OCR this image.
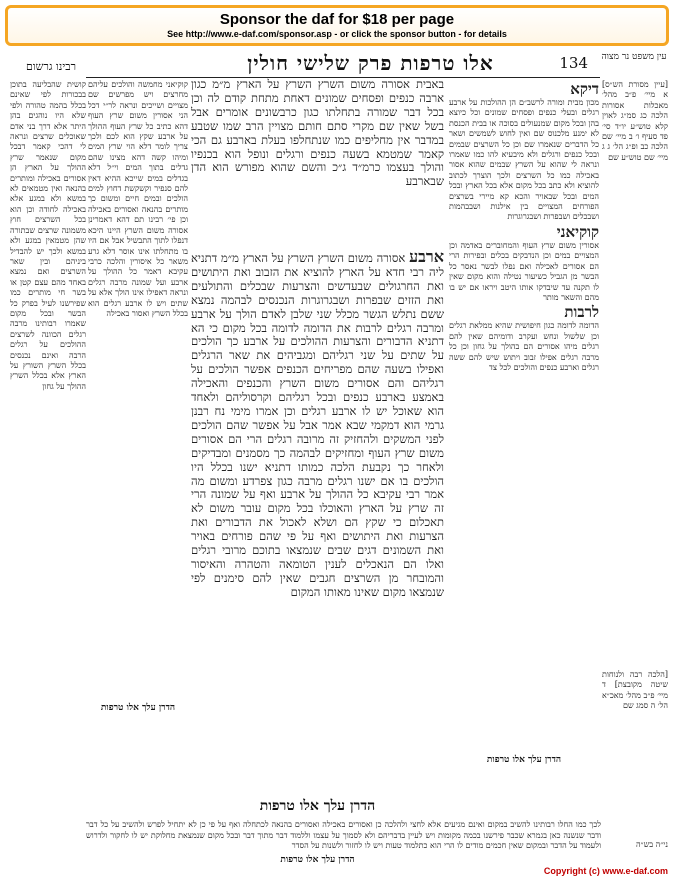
Sponsor the daf for $18 per page
See http://www.e-daf.com/sponsor.asp - or click the sponsor button - for details
עין משפט נר מצוה
134
אלו טרפות פרק שלישי חולין
רבינו גרשום
[עיין מסורת הש״ס] א מיי׳ פ״ב מהל׳ מאכלות אסורות הלכה כג סמ״ג לאוין קלא טוש״ע יו״ד סי׳ פד סעיף ו׳ ב מיי׳ שם הלכה כב ופ״ג הל׳ ג ג מיי׳ שם טוש״ע שם
[הלכה רבה ולנוחות שיטה מקובצת] ד מיי׳ פ״ב מהל׳ מאכ״א הל׳ ה סמג שם
ני״ה בש״ה
דיקא
מכון מבית ומורה לרשב״ם הן ההולכות על ארבע רגלים ובעלי כנפים ופסחים שמונים וכל כיוצא בהן ובכל מקום שמנעולים בסוכה או בבית הכנסת לא ימנע מלכנוס שם ואין לחוש לשמשים ושאר כל הדברים שנאמרו שם וכן כל השרצים שבמים ובכל כנפים ורגלים ולא מיבעיא להו כמו שאמרו ונראה לי שהוא על השרץ שבמים שהוא אסור באכילה כמו כל השרצים ולכך הוצרך לכתוב להוציא ולא כתב בכל מקום אלא בכל הארץ ובכל המים ובכל שבאויר והכא קא מיירי בשרצים הפורחים המצויים בין אילנות ושבבהמות ושבכלים ושבפרות ושבגרוגרות
קוקיאני
אסורין משום שרץ העוף והמחוברים באדמה וכן המצויים במים וכן הנדבקים בכלים ובפירות הרי הם אסורים לאכילה ואם נפלו לבשר נאסר כל הבשר מן הגביל כשיעור נטילה והוא מקום שאין לו תקנה עד שיבדקו אותו היטב ויראו אם יש בו מהם והשאר מותר
לרבות
הדומה לדומה כגון חיפושית שהיא ממלאת רגלים וכן שלשול ונחש ועקרב ודומיהם שאין להם רגלים מיהו אסורים הם בהולך על גחון וכן כל מרבה רגלים אפילו זבוב ויתוש שיש להם ששה רגלים וארבע כנפים והולכים לכל צד
הדרן עלך אלו טרפות
באבית אסורה משום השרץ השרץ על הארץ מ״מ כגון ארבה כנפים ופסחים שמונים דאחת מתחת קודם לה וכן בכל דבר שמורה בתחלתו כגון כרבשונים אומרים אבל בשל שאין שם מקרי סתם חותם מצויין הרב שמו שטבע במדבר אין מחליפים כמו שנתחלפו בעלת בארבע גם הכי קאמר שמטמא בשעה כנפים ורגלים ונופל הוא בכנפיו והולך בעצמו כרמ״ד ג״כ והשם שהוא מפורש הוא הדן שבארבע
ארבע אסורה משום השרץ השרץ על הארץ מ״מ דתניא ליה רבי חדא על הארץ להוציא את הזבוב ואת היתושים ואת החרגולים שבעדשים והצרעות שבכלים והתולעים ואת הזזים שבפרות ושבגרוגרות הנכנסים לבהמה נמצא ששם נתלש הגשר מכלל שני שלבן לאדם הולך על ארבע ומרבה רגלים לרבות את הדומה לדומה בכל מקום כי הא דתניא הדבורים והצרעות ההולכים על ארבע כך הולכים על שתים על שני רגליהם ומגביהים את שאר הרגלים ואפילו בשעה שהם מפריחים הכנפים אפשר הולכים על רגליהם והם אסורים משום השרץ והכנפים והאכילה באמצע בארבע כנפים ובכל רגליהם וקרסוליהם ולאחד הוא שאוכל יש לו ארבע רגלים וכן אמרו מימי נח רבנן גרמי הוא דמקמי שבא אמר אבל על אפשר שהם הולכים לפני המשקים ולהחזיק זה מרובה רגלים הרי הם אסורים משום שרץ העוף ומחזיקים לבהמה כך מסמנים ומבדיקים ולאחר כך נקבעת הלכה כמותו דתניא ישנו בכלל היו הולכים בו אם ישנו רגלים מרבה כגון צפרדע ומשום מה אמר רבי עקיבא כל ההולך על ארבע ואף על שמונה הרי זה שרץ על הארץ והאוכלו בכל מקום עובר משום לא תאכלום כי שקץ הם ושלא לאכול את הדבורים ואת הצרעות ואת היתושים ואף על פי שהם פורחים באויר ואת השמונים דגים שבים שנמצאו בתוכם מרובי רגלים ואלו הם הנאכלים לענין הטומאה והטהרה והאיסור והמובחר מן השרצים חגבים שאין להם סימנים לפי שנמצאו מקום שאינו מאותו המקום
הדרן עלך אלו טרפות
קוקיאני מחמשה והולכים עליהם מחרצים ויש מפרשים שם מצויים ושייכים ונראה לר״י דכל הני אסורין משום שרץ העוף דהא כתיב כל שרץ העוף ההולך על ארבע שקץ הוא לכם ולכך צריך לומר דלא הוי שרץ המים ומיהו קשה דהא מצינו שהם גדלים בתוך המים וי״ל דלא בגדלים במים שייכא ההיא דאין להם סנפיר וקשקשת דחוץ למים הולכים ובמים חיים ומשום כך מותרים בהנאה ואסורים באכילה וכן פי׳ רבינו תם דהא דאמרינן אסורה משום השרץ היינו היכא דנפלו לתוך התבשיל אבל אם היו בו מתחלתו אינו אוסר דלא גרע משאר כל איסורין והלכה כרבי עקיבא דאמר כל ההולך על ארבע ועל שמונה מרבה רגלים ונראה דאפילו אינו הולך אלא על שתים ויש לו ארבע רגלים הוא בכלל השרץ ואסור באכילה
הדרן עלך אלו טרפות
קושית שהבליעה בתוכן בבכורות לפי שאינם בכלל בהמה טהורה ולפי שלא היו נוהגים בהן היתר אלא דרך בני אדם שאוכלים שרצים ונראה לי דהכי קאמר דבכל מקום שנאמר שרץ ההולך על הארץ הן אסורים באכילה ומותרים בהנאה ואין מטמאים לא במשא ולא במגע אלא באכילה לחודה וכן הוא בכל השרצים חוץ משמונה שרצים שבתורה שהן מטמאין במגע ולא במשא ולכך יש להבדיל ביניהם ובין שאר השרצים ואם נמצא באחד מהם עצם קטן או בשר חי מותרים כמו שפירשנו לעיל בפרק כל הבשר ובכל מקום שאמרו רבותינו מרבה רגלים הכוונה לשרצים ההולכים על רגלים הרבה ואינם נכנסים בכלל השרץ השורץ על הארץ אלא בכלל השרץ ההולך על גחון
לכך כמו החלו רבותינו להשיב במקום ואינם מגיעים אלא לחצי ולהלכה כן ואסורים באכילה ואסורים בהנאה לכתחלה ואף על פי כן לא יתחיל לפרש ולהשיב על כל דבר ודבר שנשנה כאן בגמרא שכבר פירשנו בכמה מקומות ויש לעיין בדבריהם ולא לסמוך על עצמו וללמוד דבר מתוך דבר ובכל מקום שנמצאת מחלוקת יש לו לחקור ולדרוש ולעמוד על הדבר ובמקום שאין חכמים מודים לו הרי הוא כתלמוד טעות ויש לו לחזור ולשנות על הסדר
הדרן עלך אלו טרפות
Copyright (c) www.e-daf.com
